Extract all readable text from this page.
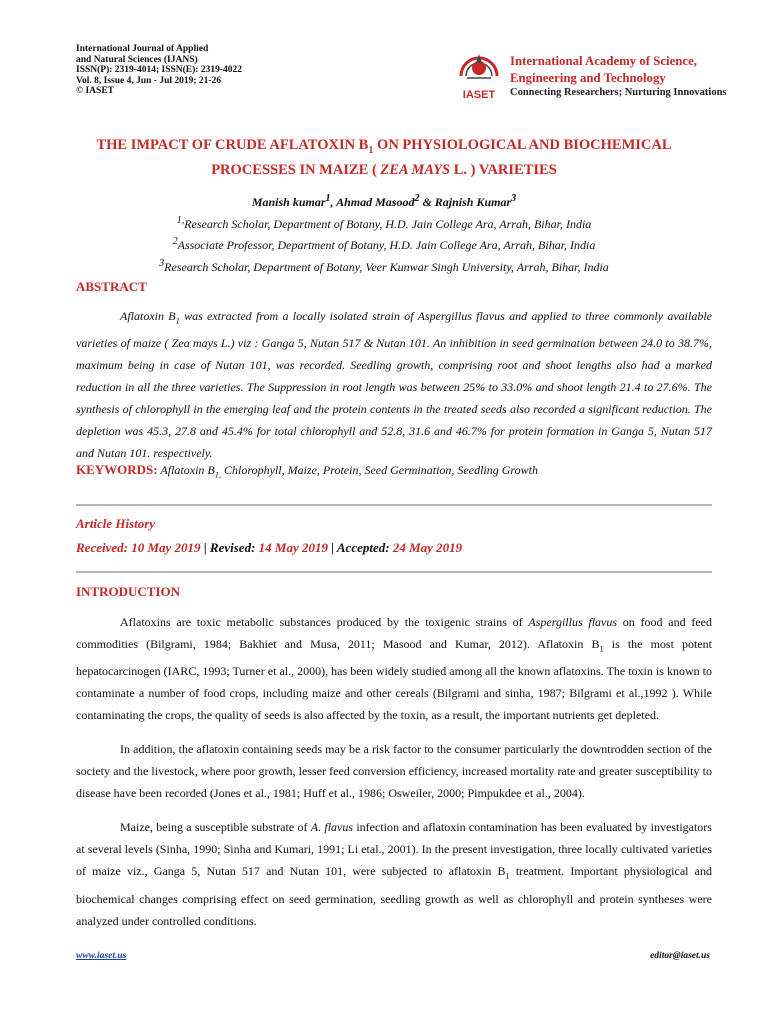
International Journal of Applied
and Natural Sciences (IJANS)
ISSN(P): 2319-4014; ISSN(E): 2319-4022
Vol. 8, Issue 4, Jun - Jul 2019; 21-26
© IASET	IASET
International Academy of Science,
Engineering and Technology
Connecting Researchers; Nurturing Innovations
THE IMPACT OF CRUDE AFLATOXIN $B_1$ ON PHYSIOLOGICAL AND BIOCHEMICAL
PROCESSES IN MAIZE ( ZEA MAYS L. ) VARIETIES
Manish kumar$^1$, Ahmad Masood$^2$ & Rajnish Kumar$^3$
$^{1,}$Research Scholar, Department of Botany, H.D. Jain College Ara, Arrah, Bihar, India
$^2$Associate Professor, Department of Botany, H.D. Jain College Ara, Arrah, Bihar, India
$^3$Research Scholar, Department of Botany, Veer Kunwar Singh University, Arrah, Bihar, India
ABSTRACT

Aflatoxin $B_1$ was extracted from a locally isolated strain of Aspergillus flavus and applied to three commonly available varieties of maize ( Zea mays L.) viz : Ganga 5, Nutan 517 & Nutan 101. An inhibition in seed germination between 24.0 to 38.7%, maximum being in case of Nutan 101, was recorded. Seedling growth, comprising root and shoot lengths also had a marked reduction in all the three varieties. The Suppression in root length was between 25% to 33.0% and shoot length 21.4 to 27.6%. The synthesis of chlorophyll in the emerging leaf and the protein contents in the treated seeds also recorded a significant reduction. The depletion was 45.3, 27.8 and 45.4% for total chlorophyll and 52.8, 31.6 and 46.7% for protein formation in Ganga 5, Nutan 517 and Nutan 101. respectively.

KEYWORDS: Aflatoxin $B_{1,}$ Chlorophyll, Maize, Protein, Seed Germination, Seedling Growth
Article History
Received: 10 May 2019 | Revised: 14 May 2019 | Accepted: 24 May 2019
INTRODUCTION

Aflatoxins are toxic metabolic substances produced by the toxigenic strains of Aspergillus flavus on food and feed commodities (Bilgrami, 1984; Bakhiet and Musa, 2011; Masood and Kumar, 2012). Aflatoxin $B_1$ is the most potent hepatocarcinogen (IARC, 1993; Turner et al., 2000), has been widely studied among all the known aflatoxins. The toxin is known to contaminate a number of food crops, including maize and other cereals (Bilgrami and sinha, 1987; Bilgrami et al.,1992 ). While contaminating the crops, the quality of seeds is also affected by the toxin, as a result, the important nutrients get depleted.

In addition, the aflatoxin containing seeds may be a risk factor to the consumer particularly the downtrodden section of the society and the livestock, where poor growth, lesser feed conversion efficiency, increased mortality rate and greater susceptibility to disease have been recorded (Jones et al., 1981; Huff et al., 1986; Osweiler, 2000; Pimpukdee et al., 2004).

Maize, being a susceptible substrate of A. flavus infection and aflatoxin contamination has been evaluated by investigators at several levels (Sinha, 1990; Sinha and Kumari, 1991; Li etal., 2001). In the present investigation, three locally cultivated varieties of maize viz., Ganga 5, Nutan 517 and Nutan 101, were subjected to aflatoxin $B_1$ treatment. Important physiological and biochemical changes comprising effect on seed germination, seedling growth as well as chlorophyll and protein syntheses were analyzed under controlled conditions.

www.iaset.us	editor@iaset.us
